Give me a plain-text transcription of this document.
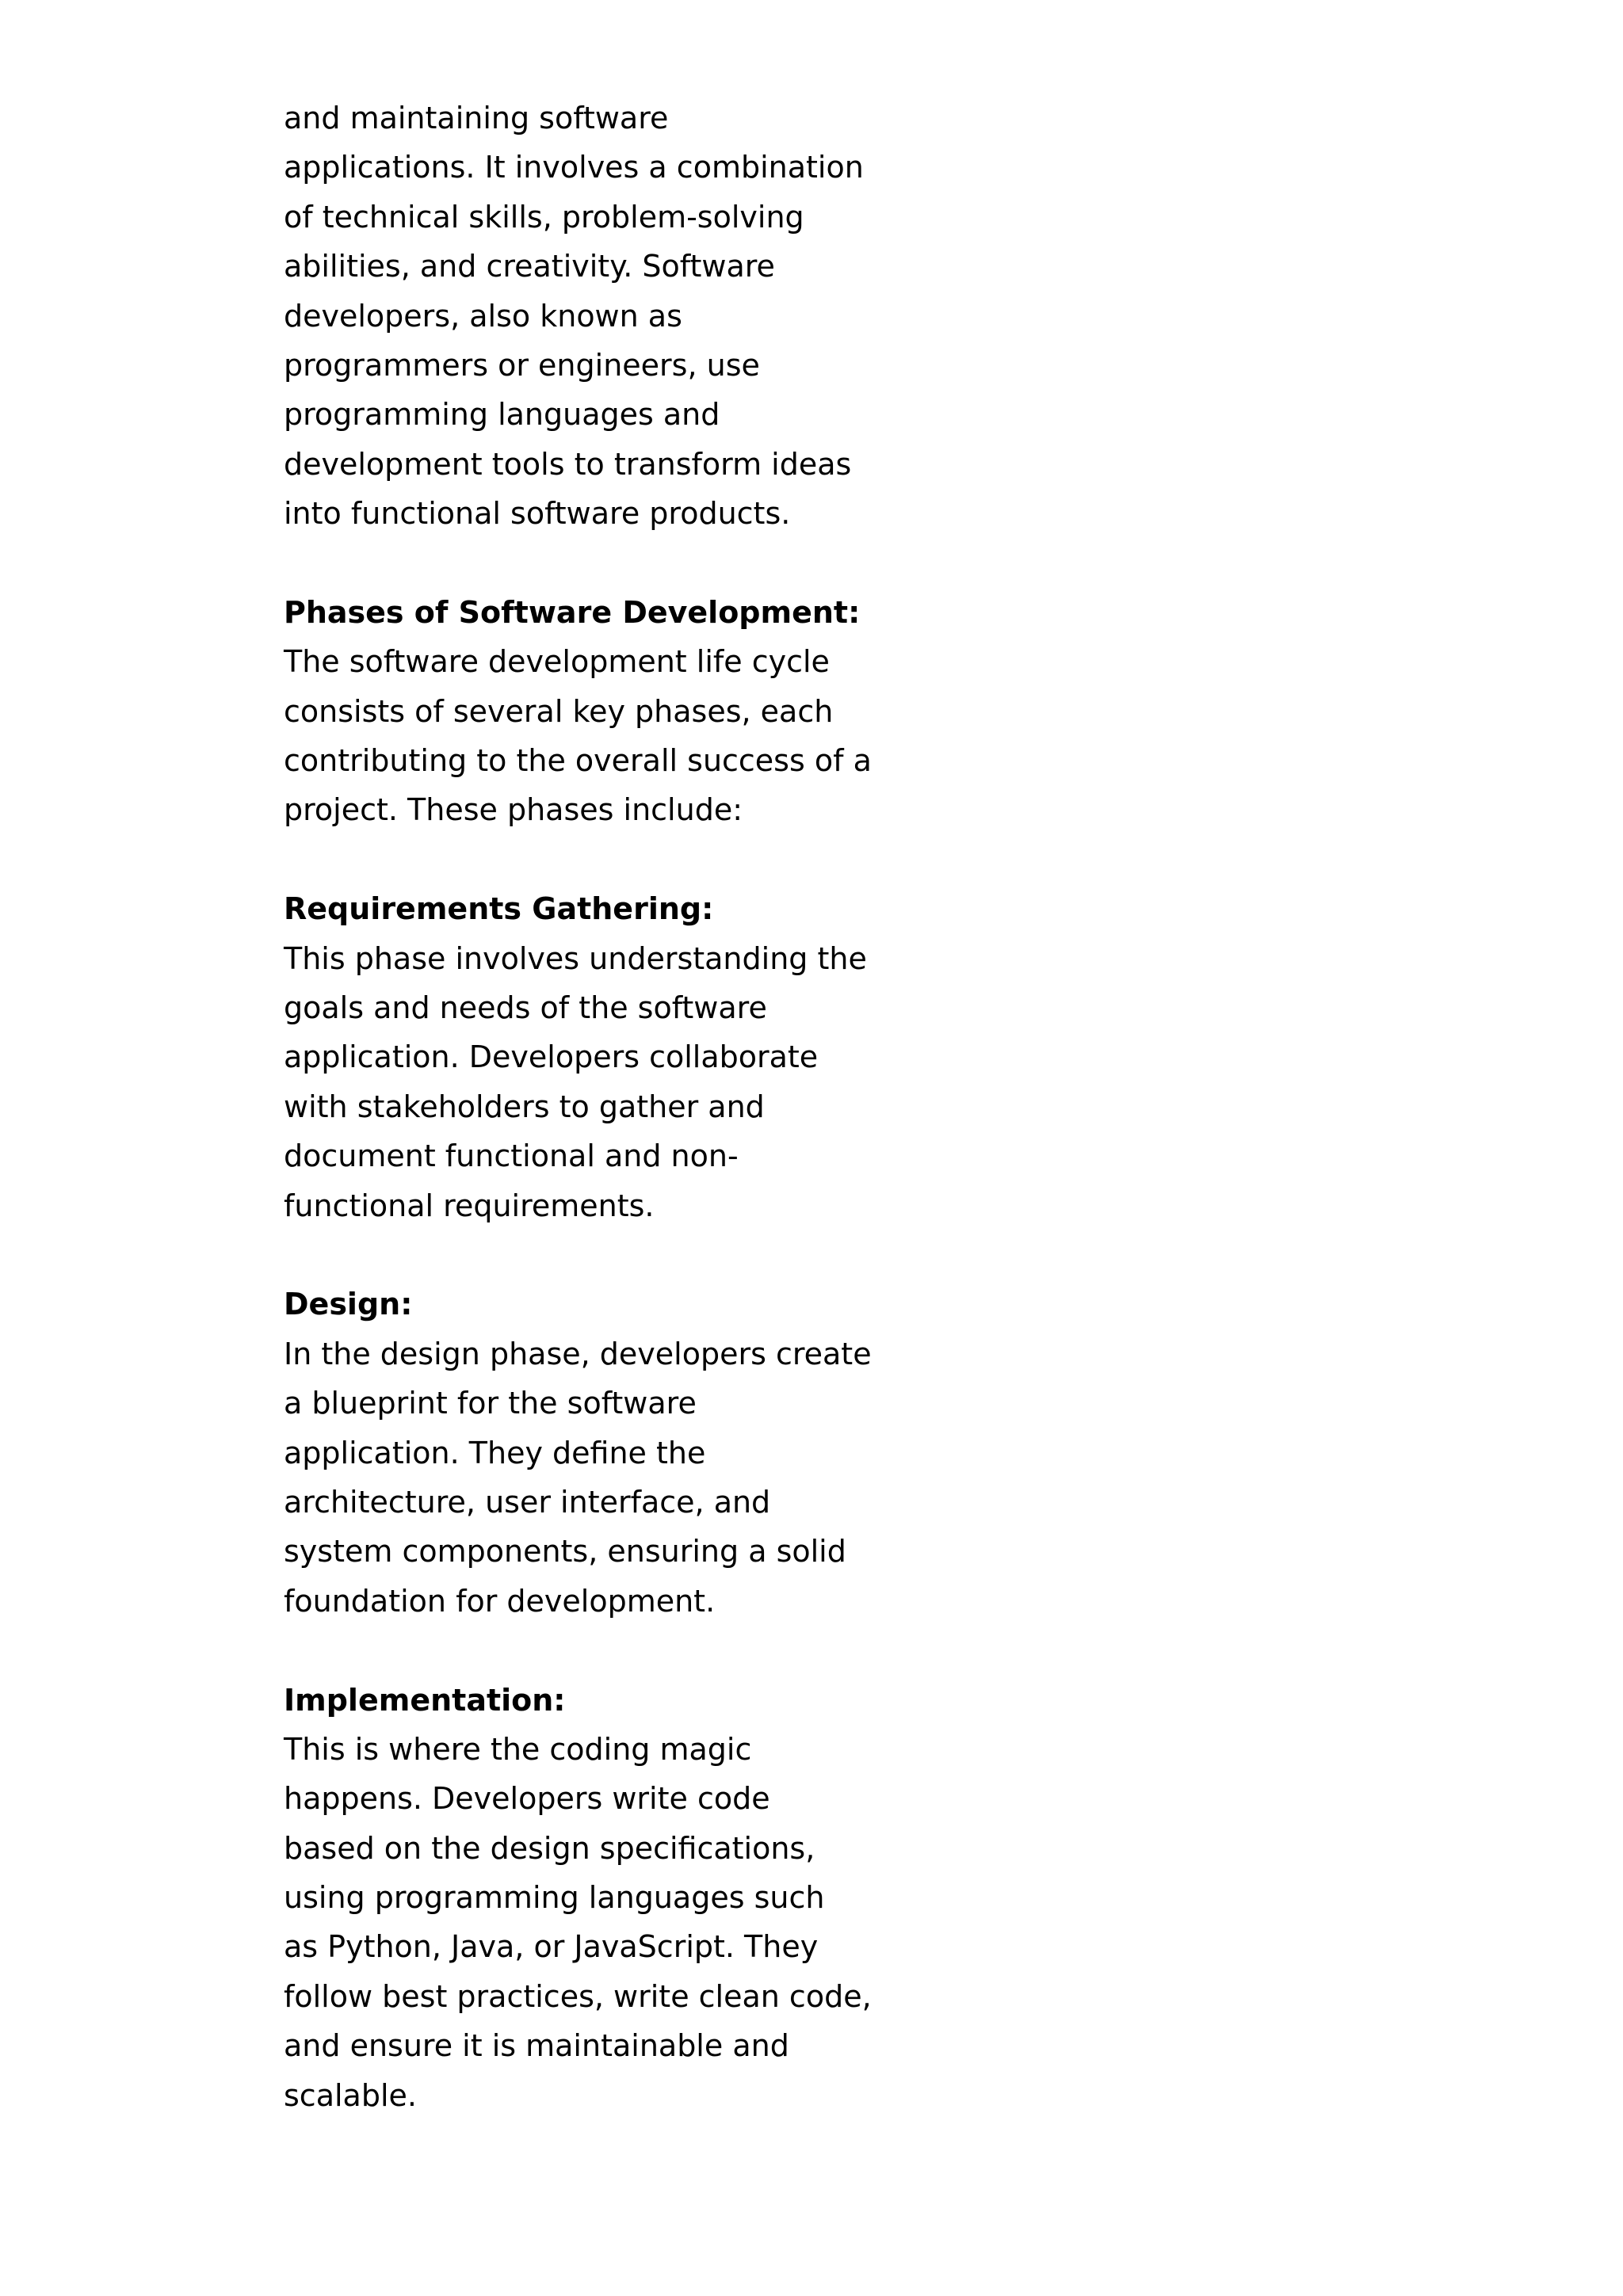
and maintaining software
applications. It involves a combination
of technical skills, problem-solving
abilities, and creativity. Software
developers, also known as
programmers or engineers, use
programming languages and
development tools to transform ideas
into functional software products.
Phases of Software Development:
The software development life cycle
consists of several key phases, each
contributing to the overall success of a
project. These phases include:
Requirements Gathering:
This phase involves understanding the
goals and needs of the software
application. Developers collaborate
with stakeholders to gather and
document functional and non-
functional requirements.
Design:
In the design phase, developers create
a blueprint for the software
application. They define the
architecture, user interface, and
system components, ensuring a solid
foundation for development.
Implementation:
This is where the coding magic
happens. Developers write code
based on the design specifications,
using programming languages such
as Python, Java, or JavaScript. They
follow best practices, write clean code,
and ensure it is maintainable and
scalable.
